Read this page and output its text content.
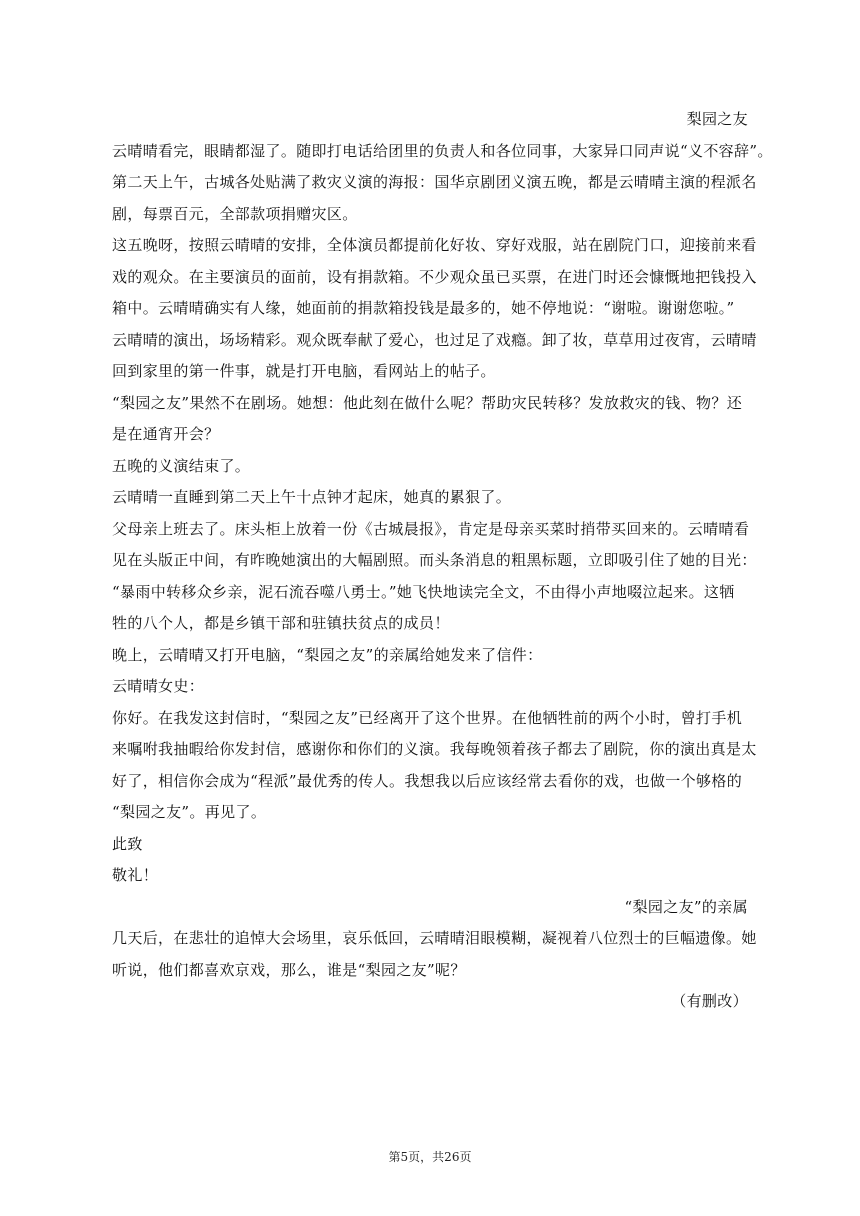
梨园之友
云晴晴看完，眼睛都湿了。随即打电话给团里的负责人和各位同事，大家异口同声说“义不容辞”。
第二天上午，古城各处贴满了救灾义演的海报：国华京剧团义演五晚，都是云晴晴主演的程派名
剧，每票百元，全部款项捐赠灾区。
这五晚呀，按照云晴晴的安排，全体演员都提前化好妆、穿好戏服，站在剧院门口，迎接前来看
戏的观众。在主要演员的面前，设有捐款箱。不少观众虽已买票，在进门时还会慷慨地把钱投入
箱中。云晴晴确实有人缘，她面前的捐款箱投钱是最多的，她不停地说：“谢啦。谢谢您啦。”
云晴晴的演出，场场精彩。观众既奉献了爱心，也过足了戏瘾。卸了妆，草草用过夜宵，云晴晴
回到家里的第一件事，就是打开电脑，看网站上的帖子。
“梨园之友”果然不在剧场。她想：他此刻在做什么呢？帮助灾民转移？发放救灾的钱、物？还
是在通宵开会？
五晚的义演结束了。
云晴晴一直睡到第二天上午十点钟才起床，她真的累狠了。
父母亲上班去了。床头柜上放着一份《古城晨报》，肯定是母亲买菜时捎带买回来的。云晴晴看
见在头版正中间，有昨晚她演出的大幅剧照。而头条消息的粗黑标题，立即吸引住了她的目光：
“暴雨中转移众乡亲，泥石流吞噬八勇士。”她飞快地读完全文，不由得小声地啜泣起来。这牺
牲的八个人，都是乡镇干部和驻镇扶贫点的成员！
晚上，云晴晴又打开电脑，“梨园之友”的亲属给她发来了信件：
云晴晴女史：
你好。在我发这封信时，“梨园之友”已经离开了这个世界。在他牺牲前的两个小时，曾打手机
来嘱咐我抽暇给你发封信，感谢你和你们的义演。我每晚领着孩子都去了剧院，你的演出真是太
好了，相信你会成为“程派”最优秀的传人。我想我以后应该经常去看你的戏，也做一个够格的
“梨园之友”。再见了。
此致
敬礼！
“梨园之友”的亲属
几天后，在悲壮的追悼大会场里，哀乐低回，云晴晴泪眼模糊，凝视着八位烈士的巨幅遗像。她
听说，他们都喜欢京戏，那么，谁是“梨园之友”呢？
（有删改）
第5页，共26页
